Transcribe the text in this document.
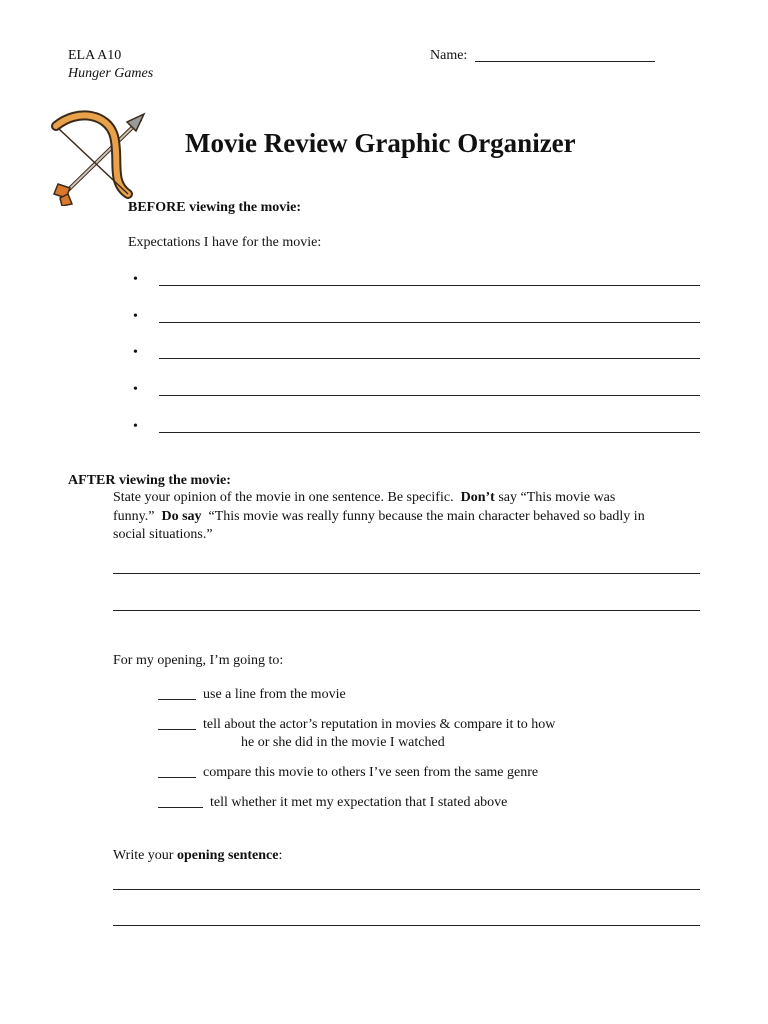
ELA A10
Hunger Games
Name:
Movie Review Graphic Organizer
BEFORE viewing the movie:
Expectations I have for the movie:
•
•
•
•
•
AFTER viewing the movie:
State your opinion of the movie in one sentence. Be specific. Don’t say “This movie was
funny.” Do say “This movie was really funny because the main character behaved so badly in
social situations.”
For my opening, I’m going to:
use a line from the movie
tell about the actor’s reputation in movies & compare it to how
he or she did in the movie I watched
compare this movie to others I’ve seen from the same genre
tell whether it met my expectation that I stated above
Write your opening sentence:
